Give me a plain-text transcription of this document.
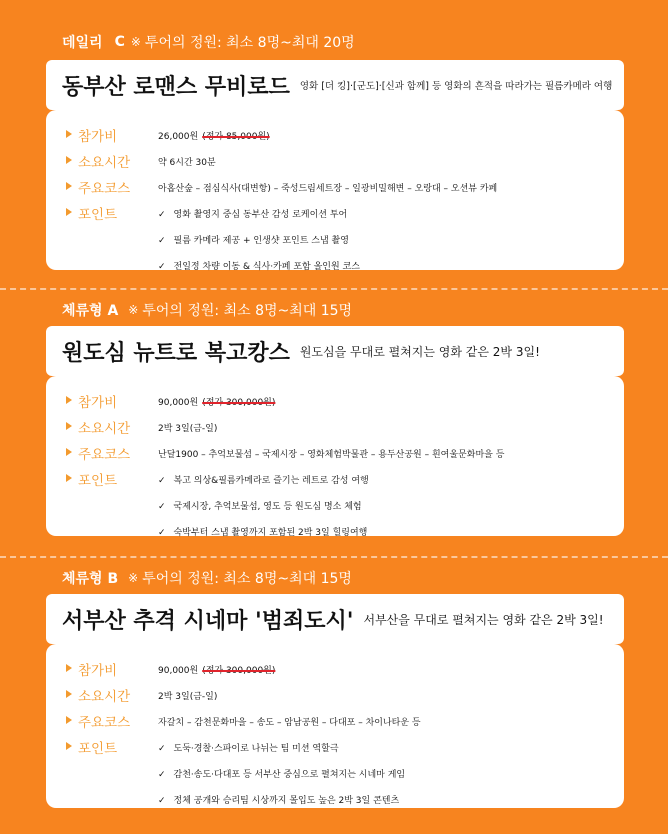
데일리 C ※ 투어의 정원: 최소 8명~최대 20명
동부산 로맨스 무비로드 영화 [더 킹]·[군도]·[신과 함께] 등 영화의 흔적을 따라가는 필름카메라 여행
참가비	26,000원 (정가 85,000원)
소요시간	약 6시간 30분
주요코스	아홉산숲 – 점심식사(대변항) – 죽성드림세트장 – 일광비밀해변 – 오랑대 – 오션뷰 카페
포인트	✓ 영화 촬영지 중심 동부산 감성 로케이션 투어
✓ 필름 카메라 제공 + 인생샷 포인트 스냅 촬영
✓ 전일정 차량 이동 & 식사·카페 포함 올인원 코스
체류형 A ※ 투어의 정원: 최소 8명~최대 15명
원도심 뉴트로 복고캉스 원도심을 무대로 펼쳐지는 영화 같은 2박 3일!
참가비	90,000원 (정가 300,000원)
소요시간	2박 3일(금-일)
주요코스	난달1900 – 추억보물섬 – 국제시장 – 영화체험박물관 – 용두산공원 – 흰여울문화마을 등
포인트	✓ 복고 의상&필름카메라로 즐기는 레트로 감성 여행
✓ 국제시장, 추억보물섬, 영도 등 원도심 명소 체험
✓ 숙박부터 스냅 촬영까지 포함된 2박 3일 힐링여행
체류형 B ※ 투어의 정원: 최소 8명~최대 15명
서부산 추격 시네마 '범죄도시' 서부산을 무대로 펼쳐지는 영화 같은 2박 3일!
참가비	90,000원 (정가 300,000원)
소요시간	2박 3일(금-일)
주요코스	자갈치 – 감천문화마을 – 송도 – 암남공원 – 다대포 – 차이나타운 등
포인트	✓ 도둑·경찰·스파이로 나뉘는 팀 미션 역할극
✓ 감천·송도·다대포 등 서부산 중심으로 펼쳐지는 시네마 게임
✓ 정체 공개와 승리팀 시상까지 몰입도 높은 2박 3일 콘텐츠
